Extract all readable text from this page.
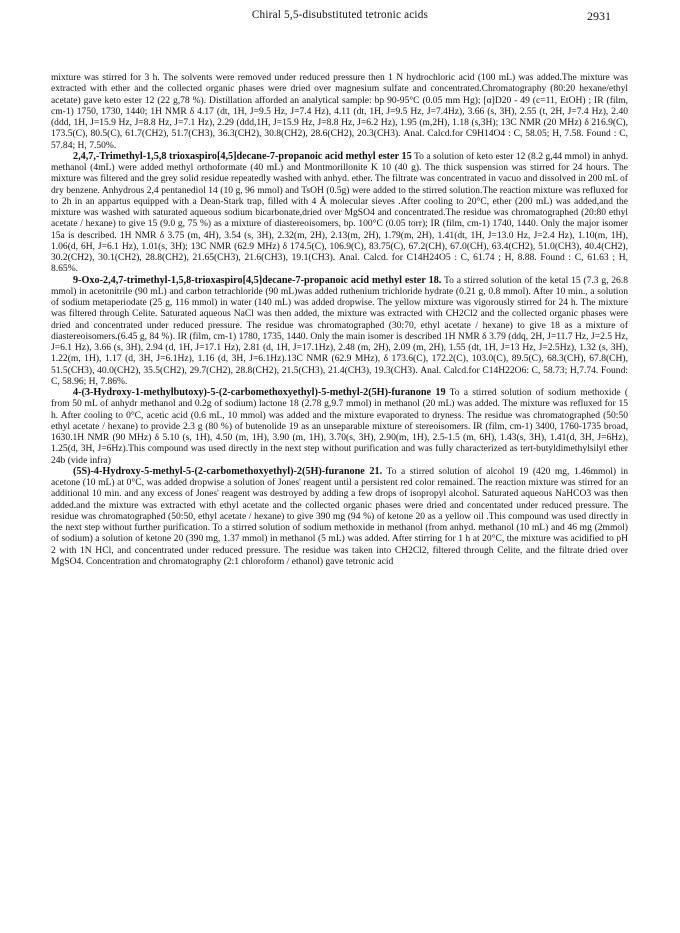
Chiral 5,5-disubstituted tetronic acids	2931

mixture was stirred for 3 h. The solvents were removed under reduced pressure then 1 N hydrochloric acid (100 mL) was added.The mixture was extracted with ether and the collected organic phases were dried over magnesium sulfate and concentrated.Chromatography (80:20 hexane/ethyl acetate) gave keto ester 12 (22 g,78 %). Distillation afforded an analytical sample: bp 90-95°C (0.05 mm Hg); [α]D20 - 49 (c=11, EtOH) ; IR (film, cm-1) 1750, 1730, 1440; 1H NMR δ 4.17 (dt, 1H, J=9.5 Hz, J=7.4 Hz), 4.11 (dt, 1H, J=9.5 Hz, J=7.4Hz), 3.66 (s, 3H), 2.55 (t, 2H, J=7.4 Hz), 2.40 (ddd, 1H, J=15.9 Hz, J=8.8 Hz, J=7.1 Hz), 2.29 (ddd,1H, J=15.9 Hz, J=8.8 Hz, J=6.2 Hz), 1.95 (m,2H), 1.18 (s,3H); 13C NMR (20 MHz) δ 216.9(C), 173.5(C), 80.5(C), 61.7(CH2), 51.7(CH3), 36.3(CH2), 30.8(CH2), 28.6(CH2), 20.3(CH3). Anal. Calcd.for C9H14O4 : C, 58.05; H, 7.58. Found : C, 57.84; H, 7.50%.

2,4,7,-Trimethyl-1,5,8 trioxaspiro[4,5]decane-7-propanoic acid methyl ester 15 To a solution of keto ester 12 (8.2 g,44 mmol) in anhyd. methanol (4mL) were added methyl orthoformate (40 mL) and Montmorillonite K 10 (40 g). The thick suspension was stirred for 24 hours. The mixture was filtered and the grey solid residue repeatedly washed with anhyd. ether. The filtrate was concentrated in vacuo and dissolved in 200 mL of dry benzene. Anhydrous 2,4 pentanediol 14 (10 g, 96 mmol) and TsOH (0.5g) were added to the stirred solution.The reaction mixture was refluxed for to 2h in an appartus equipped with a Dean-Stark trap, filled with 4 Å molecular sieves .After cooling to 20°C, ether (200 mL) was added,and the mixture was washed with saturated aqueous sodium bicarbonate,dried over MgSO4 and concentrated.The residue was chromatographed (20:80 ethyl acetate / hexane) to give 15 (9.0 g, 75 %) as a mixture of diastereoisomers, bp. 100°C (0.05 torr); IR (film, cm-1) 1740, 1440. Only the major isomer 15a is described. 1H NMR δ 3.75 (m, 4H), 3.54 (s, 3H), 2.32(m, 2H), 2.13(m, 2H), 1.79(m, 2H), 1.41(dt, 1H, J=13.0 Hz, J=2.4 Hz), 1.10(m, 1H), 1.06(d, 6H, J=6.1 Hz), 1.01(s, 3H); 13C NMR (62.9 MHz) δ 174.5(C), 106.9(C), 83.75(C), 67.2(CH), 67.0(CH), 63.4(CH2), 51.0(CH3), 40.4(CH2), 30.2(CH2), 30.1(CH2), 28.8(CH2), 21.65(CH3), 21.6(CH3), 19.1(CH3). Anal. Calcd. for C14H24O5 : C, 61.74 ; H, 8.88. Found : C, 61.63 ; H, 8.65%.

9-Oxo-2,4,7-trimethyl-1,5,8-trioxaspiro[4,5]decane-7-propanoic acid methyl ester 18. To a stirred solution of the ketal 15 (7.3 g, 26.8 mmol) in acetonitrile (90 mL) and carbon tetrachloride (90 mL)was added ruthenium trichloride hydrate (0.21 g, 0.8 mmol). After 10 min., a solution of sodium metaperiodate (25 g, 116 mmol) in water (140 mL) was added dropwise. The yellow mixture was vigorously stirred for 24 h. The mixture was filtered through Celite. Saturated aqueous NaCl was then added, the mixture was extracted with CH2Cl2 and the collected organic phases were dried and concentrated under reduced pressure. The residue was chromatographed (30:70, ethyl acetate / hexane) to give 18 as a mixture of diastereoisomers.(6.45 g, 84 %). IR (film, cm-1) 1780, 1735, 1440. Only the main isomer is described 1H NMR δ 3.79 (ddq, 2H, J=11.7 Hz, J=2.5 Hz, J=6.1 Hz), 3.66 (s, 3H), 2.94 (d, 1H, J=17.1 Hz), 2.81 (d, 1H, J=17.1Hz), 2.48 (m, 2H), 2.09 (m, 2H), 1.55 (dt, 1H, J=13 Hz, J=2.5Hz), 1.32 (s, 3H), 1.22(m, 1H), 1.17 (d, 3H, J=6.1Hz), 1.16 (d, 3H, J=6.1Hz).13C NMR (62.9 MHz), δ 173.6(C), 172.2(C), 103.0(C), 89.5(C), 68.3(CH), 67.8(CH), 51.5(CH3), 40.0(CH2), 35.5(CH2), 29.7(CH2), 28.8(CH2), 21.5(CH3), 21.4(CH3), 19.3(CH3). Anal. Calcd.for C14H22O6: C, 58.73; H,7.74. Found: C, 58.96; H, 7.86%.

4-(3-Hydroxy-1-methylbutoxy)-5-(2-carbomethoxyethyl)-5-methyl-2(5H)-furanone 19 To a stirred solution of sodium methoxide ( from 50 mL of anhydr methanol and 0.2g of sodium) lactone 18 (2.78 g,9.7 mmol) in methanol (20 mL) was added. The mixture was refluxed for 15 h. After cooling to 0°C, acetic acid (0.6 mL, 10 mmol) was added and the mixture evaporated to dryness. The residue was chromatographed (50:50 ethyl acetate / hexane) to provide 2.3 g (80 %) of butenolide 19 as an unseparable mixture of stereoisomers. IR (film, cm-1) 3400, 1760-1735 broad, 1630.1H NMR (90 MHz) δ 5.10 (s, 1H), 4.50 (m, 1H), 3.90 (m, 1H), 3.70(s, 3H), 2.90(m, 1H), 2.5-1.5 (m, 6H), 1.43(s, 3H), 1.41(d, 3H, J=6Hz), 1.25(d, 3H, J=6Hz).This compound was used directly in the next step without purification and was fully characterized as tert-butyldimethylsilyl ether 24b (vide infra)

(5S)-4-Hydroxy-5-methyl-5-(2-carbomethoxyethyl)-2(5H)-furanone 21. To a stirred solution of alcohol 19 (420 mg, 1.46mmol) in acetone (10 mL) at 0°C, was added dropwise a solution of Jones' reagent until a persistent red color remained. The reaction mixture was stirred for an additional 10 min. and any excess of Jones' reagent was destroyed by adding a few drops of isopropyl alcohol. Saturated aqueous NaHCO3 was then added.and the mixture was extracted with ethyl acetate and the collected organic phases were dried and concentated under reduced pressure. The residue was chromatographed (50:50, ethyl acetate / hexane) to give 390 mg (94 %) of ketone 20 as a yellow oil .This compound was used directly in the next step without further purification. To a stirred solution of sodium methoxide in methanol (from anhyd. methanol (10 mL) and 46 mg (2mmol) of sodium) a solution of ketone 20 (390 mg, 1.37 mmol) in methanol (5 mL) was added. After stirring for 1 h at 20°C, the mixture was acidified to pH 2 with 1N HCl, and concentrated under reduced pressure. The residue was taken into CH2Cl2, filtered through Celite, and the filtrate dried over MgSO4. Concentration and chromatography (2:1 chloroform / ethanol) gave tetronic acid
